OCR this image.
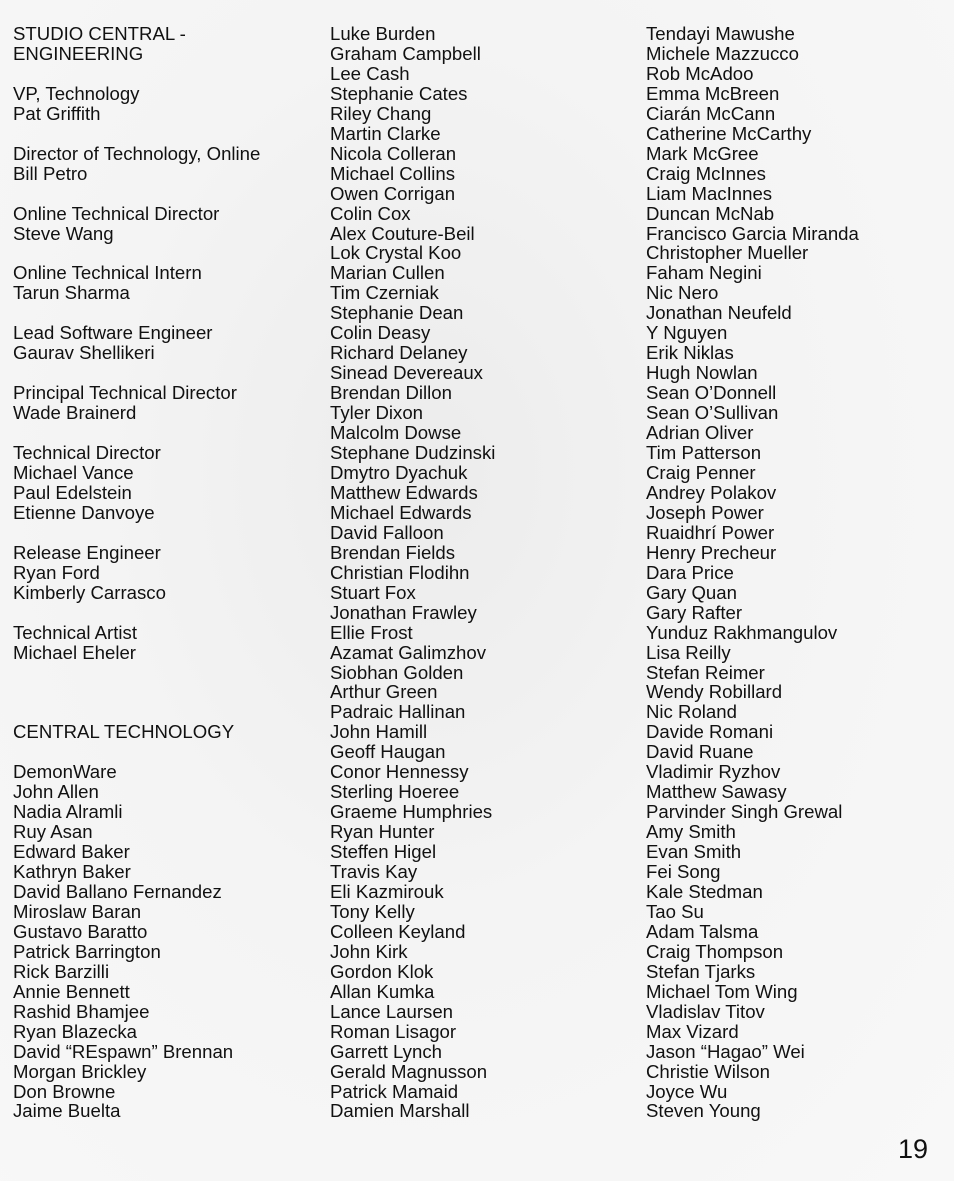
STUDIO CENTRAL -
ENGINEERING
VP, Technology
Pat Griffith
Director of Technology, Online
Bill Petro
Online Technical Director
Steve Wang
Online Technical Intern
Tarun Sharma
Lead Software Engineer
Gaurav Shellikeri
Principal Technical Director
Wade Brainerd
Technical Director
Michael Vance
Paul Edelstein
Etienne Danvoye
Release Engineer
Ryan Ford
Kimberly Carrasco
Technical Artist
Michael Eheler
CENTRAL TECHNOLOGY
DemonWare
John Allen
Nadia Alramli
Ruy Asan
Edward Baker
Kathryn Baker
David Ballano Fernandez
Miroslaw Baran
Gustavo Baratto
Patrick Barrington
Rick Barzilli
Annie Bennett
Rashid Bhamjee
Ryan Blazecka
David “REspawn” Brennan
Morgan Brickley
Don Browne
Jaime Buelta
Luke Burden
Graham Campbell
Lee Cash
Stephanie Cates
Riley Chang
Martin Clarke
Nicola Colleran
Michael Collins
Owen Corrigan
Colin Cox
Alex Couture-Beil
Lok Crystal Koo
Marian Cullen
Tim Czerniak
Stephanie Dean
Colin Deasy
Richard Delaney
Sinead Devereaux
Brendan Dillon
Tyler Dixon
Malcolm Dowse
Stephane Dudzinski
Dmytro Dyachuk
Matthew Edwards
Michael Edwards
David Falloon
Brendan Fields
Christian Flodihn
Stuart Fox
Jonathan Frawley
Ellie Frost
Azamat Galimzhov
Siobhan Golden
Arthur Green
Padraic Hallinan
John Hamill
Geoff Haugan
Conor Hennessy
Sterling Hoeree
Graeme Humphries
Ryan Hunter
Steffen Higel
Travis Kay
Eli Kazmirouk
Tony Kelly
Colleen Keyland
John Kirk
Gordon Klok
Allan Kumka
Lance Laursen
Roman Lisagor
Garrett Lynch
Gerald Magnusson
Patrick Mamaid
Damien Marshall
Tendayi Mawushe
Michele Mazzucco
Rob McAdoo
Emma McBreen
Ciarán McCann
Catherine McCarthy
Mark McGree
Craig McInnes
Liam MacInnes
Duncan McNab
Francisco Garcia Miranda
Christopher Mueller
Faham Negini
Nic Nero
Jonathan Neufeld
Y Nguyen
Erik Niklas
Hugh Nowlan
Sean O’Donnell
Sean O’Sullivan
Adrian Oliver
Tim Patterson
Craig Penner
Andrey Polakov
Joseph Power
Ruaidhrí Power
Henry Precheur
Dara Price
Gary Quan
Gary Rafter
Yunduz Rakhmangulov
Lisa Reilly
Stefan Reimer
Wendy Robillard
Nic Roland
Davide Romani
David Ruane
Vladimir Ryzhov
Matthew Sawasy
Parvinder Singh Grewal
Amy Smith
Evan Smith
Fei Song
Kale Stedman
Tao Su
Adam Talsma
Craig Thompson
Stefan Tjarks
Michael Tom Wing
Vladislav Titov
Max Vizard
Jason “Hagao” Wei
Christie Wilson
Joyce Wu
Steven Young
19
